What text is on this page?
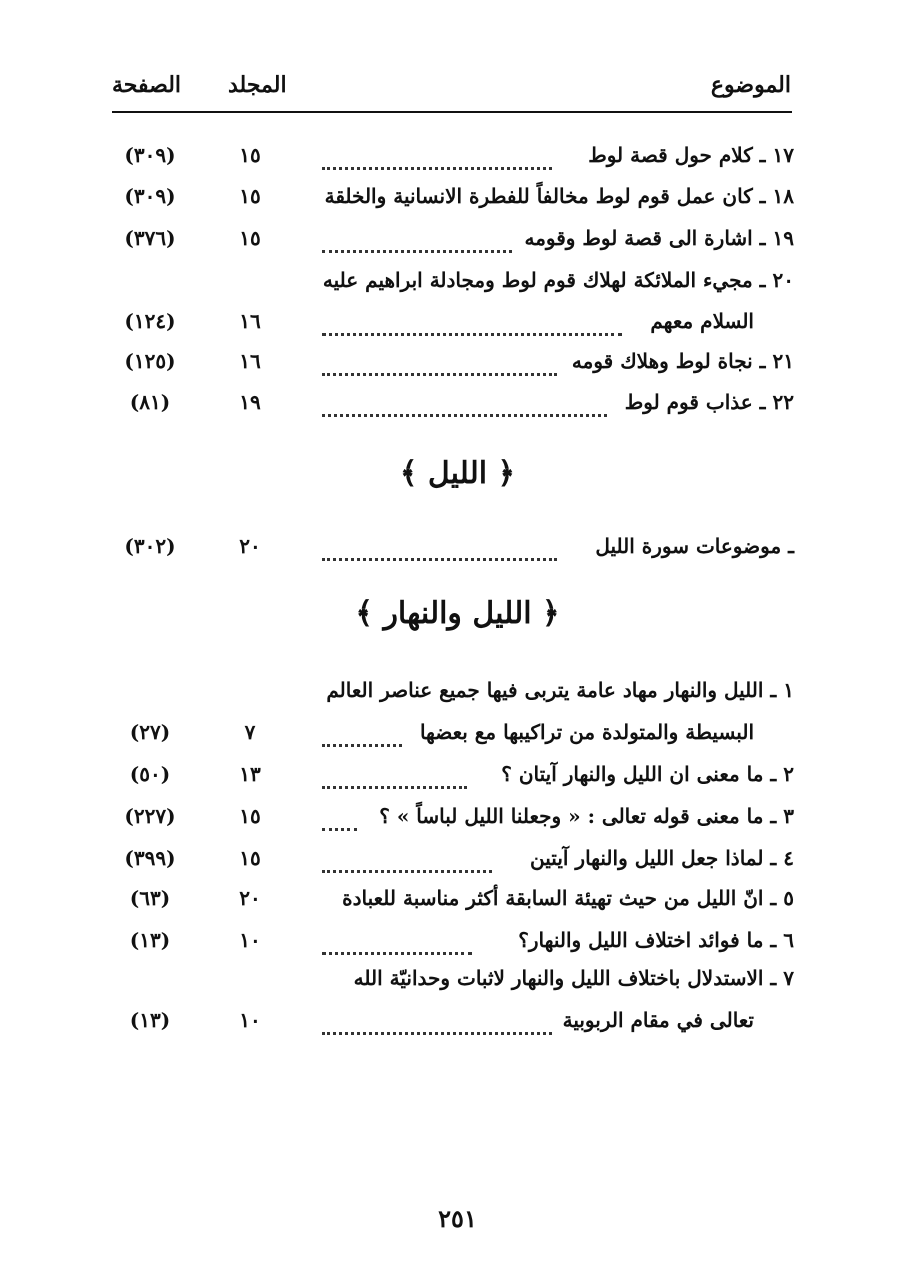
الموضوع
المجلد
الصفحة
١٧ ـ كلام حول قصة لوط
١٥
(٣٠٩)
١٨ ـ كان عمل قوم لوط مخالفاً للفطرة الانسانية والخلقة
١٥
(٣٠٩)
١٩ ـ اشارة الى قصة لوط وقومه
١٥
(٣٧٦)
٢٠ ـ مجيء الملائكة لهلاك قوم لوط ومجادلة ابراهيم عليه
السلام معهم
١٦
(١٢٤)
٢١ ـ نجاة لوط وهلاك قومه
١٦
(١٢٥)
٢٢ ـ عذاب قوم لوط
١٩
(٨١)
﴿ الليل ﴾
ـ موضوعات سورة الليل
٢٠
(٣٠٢)
﴿ الليل والنهار ﴾
١ ـ الليل والنهار مهاد عامة يتربى فيها جميع عناصر العالم
البسيطة والمتولدة من تراكيبها مع بعضها
٧
(٢٧)
٢ ـ ما معنى ان الليل والنهار آيتان ؟
١٣
(٥٠)
٣ ـ ما معنى قوله تعالى : « وجعلنا الليل لباساً » ؟
١٥
(٢٢٧)
٤ ـ لماذا جعل الليل والنهار آيتين
١٥
(٣٩٩)
٥ ـ انّ الليل من حيث تهيئة السابقة أكثر مناسبة للعبادة
٢٠
(٦٣)
٦ ـ ما فوائد اختلاف الليل والنهار؟
١٠
(١٣)
٧ ـ الاستدلال باختلاف الليل والنهار لاثبات وحدانيّة الله
تعالى في مقام الربوبية
١٠
(١٣)
٢٥١
